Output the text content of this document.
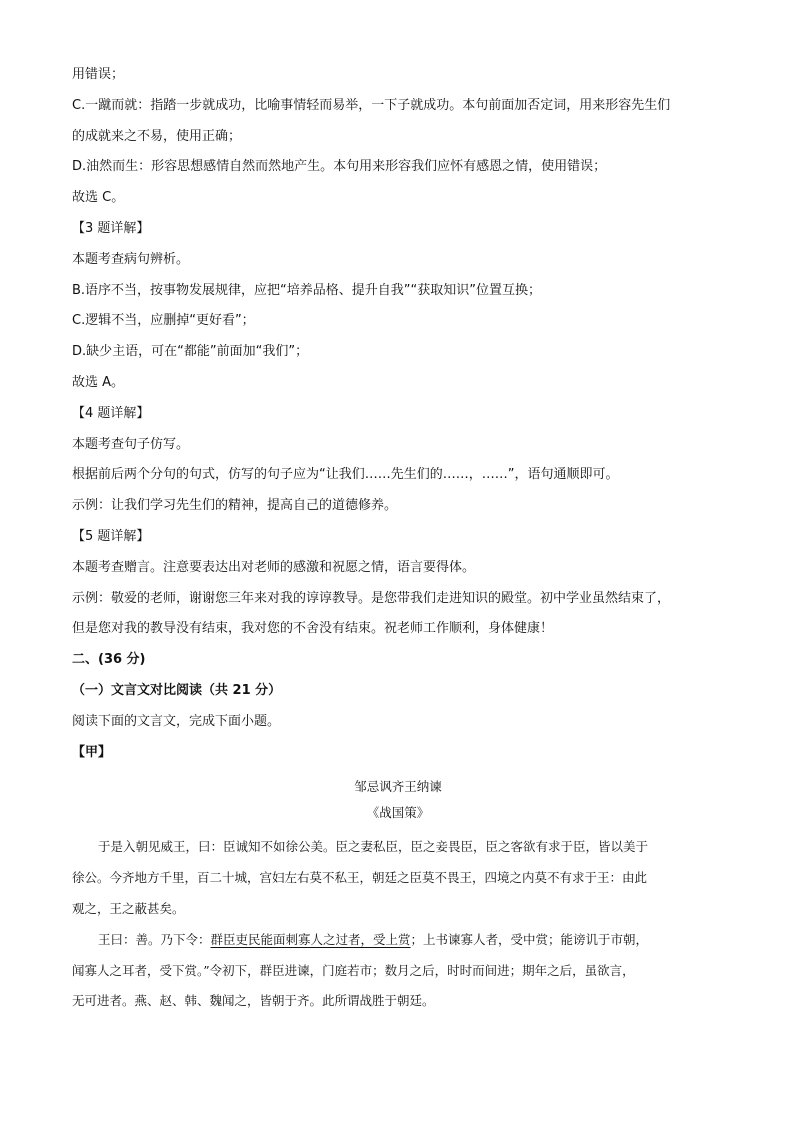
用错误；
C.一蹴而就：指踏一步就成功，比喻事情轻而易举，一下子就成功。本句前面加否定词，用来形容先生们
的成就来之不易，使用正确；
D.油然而生：形容思想感情自然而然地产生。本句用来形容我们应怀有感恩之情，使用错误；
故选 C。
【3 题详解】
本题考查病句辨析。
B.语序不当，按事物发展规律，应把“培养品格、提升自我”“获取知识”位置互换；
C.逻辑不当，应删掉“更好看”；
D.缺少主语，可在“都能”前面加“我们”；
故选 A。
【4 题详解】
本题考查句子仿写。
根据前后两个分句的句式，仿写的句子应为“让我们……先生们的……，……”，语句通顺即可。
示例：让我们学习先生们的精神，提高自己的道德修养。
【5 题详解】
本题考查赠言。注意要表达出对老师的感激和祝愿之情，语言要得体。
示例：敬爱的老师，谢谢您三年来对我的谆谆教导。是您带我们走进知识的殿堂。初中学业虽然结束了，
但是您对我的教导没有结束，我对您的不舍没有结束。祝老师工作顺利，身体健康！
二、(36 分)
（一）文言文对比阅读（共 21 分）
阅读下面的文言文，完成下面小题。
【甲】
邹忌讽齐王纳谏
《战国策》
于是入朝见威王，曰：臣诚知不如徐公美。臣之妻私臣，臣之妾畏臣，臣之客欲有求于臣，皆以美于
徐公。今齐地方千里，百二十城，宫妇左右莫不私王，朝廷之臣莫不畏王，四境之内莫不有求于王：由此
观之，王之蔽甚矣。
王曰：善。乃下令：群臣吏民能面刺寡人之过者，受上赏；上书谏寡人者，受中赏；能谤讥于市朝，
闻寡人之耳者，受下赏。”令初下，群臣进谏，门庭若市；数月之后，时时而间进；期年之后，虽欲言，
无可进者。燕、赵、韩、魏闻之，皆朝于齐。此所谓战胜于朝廷。
